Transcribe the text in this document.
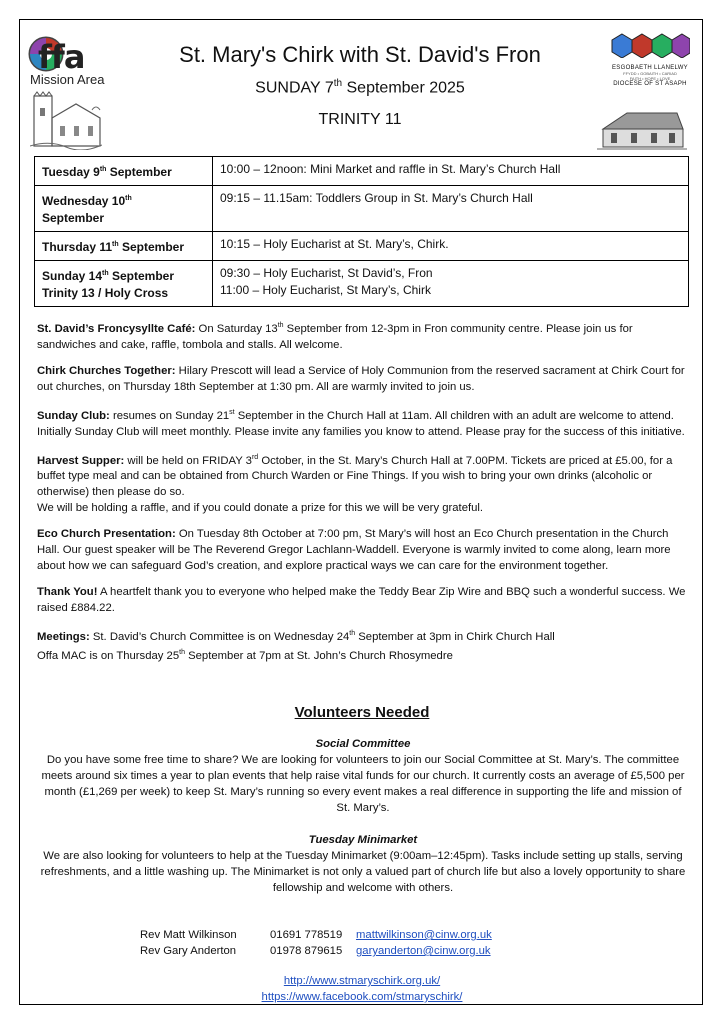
ffa
Mission Area
St. Mary's Chirk with St. David's Fron
SUNDAY 7th September 2025
TRINITY 11
ESGOBAETH LLANELWY
FFYDD • GOBAITH • CARIAD
FAITH • HOPE • LOVE
DIOCESE OF ST ASAPH
Tuesday 9th September	10:00 – 12noon: Mini Market and raffle in St. Mary’s Church Hall
Wednesday 10th
September	09:15 – 11.15am: Toddlers Group in St. Mary’s Church Hall
Thursday 11th September	10:15 – Holy Eucharist at St. Mary’s, Chirk.
Sunday 14th September
Trinity 13 / Holy Cross	09:30 – Holy Eucharist, St David’s, Fron
11:00 – Holy Eucharist, St Mary’s, Chirk

St. David’s Froncysyllte Café: On Saturday 13th September from 12-3pm in Fron community centre. Please join us for sandwiches and cake, raffle, tombola and stalls. All welcome.

Chirk Churches Together: Hilary Prescott will lead a Service of Holy Communion from the reserved sacrament at Chirk Court for out churches, on Thursday 18th September at 1:30 pm. All are warmly invited to join us.

Sunday Club: resumes on Sunday 21st September in the Church Hall at 11am. All children with an adult are welcome to attend. Initially Sunday Club will meet monthly. Please invite any families you know to attend. Please pray for the success of this initiative.

Harvest Supper: will be held on FRIDAY 3rd October, in the St. Mary’s Church Hall at 7.00PM. Tickets are priced at £5.00, for a buffet type meal and can be obtained from Church Warden or Fine Things. If you wish to bring your own drinks (alcoholic or otherwise) then please do so.
We will be holding a raffle, and if you could donate a prize for this we will be very grateful.

Eco Church Presentation: On Tuesday 8th October at 7:00 pm, St Mary’s will host an Eco Church presentation in the Church Hall. Our guest speaker will be The Reverend Gregor Lachlann-Waddell. Everyone is warmly invited to come along, learn more about how we can safeguard God’s creation, and explore practical ways we can care for the environment together.

Thank You! A heartfelt thank you to everyone who helped make the Teddy Bear Zip Wire and BBQ such a wonderful success. We raised £884.22.

Meetings: St. David’s Church Committee is on Wednesday 24th September at 3pm in Chirk Church Hall
Offa MAC is on Thursday 25th September at 7pm at St. John’s Church Rhosymedre

Volunteers Needed
Social Committee
Do you have some free time to share? We are looking for volunteers to join our Social Committee at St. Mary’s. The committee meets around six times a year to plan events that help raise vital funds for our church. It currently costs an average of £5,500 per month (£1,269 per week) to keep St. Mary’s running so every event makes a real difference in supporting the life and mission of St. Mary’s.
Tuesday Minimarket
We are also looking for volunteers to help at the Tuesday Minimarket (9:00am–12:45pm). Tasks include setting up stalls, serving refreshments, and a little washing up. The Minimarket is not only a valued part of church life but also a lovely opportunity to share fellowship and welcome with others.
Rev Matt Wilkinson	01691 778519	mattwilkinson@cinw.org.uk
Rev Gary Anderton	01978 879615	garyanderton@cinw.org.uk
http://www.stmaryschirk.org.uk/
https://www.facebook.com/stmaryschirk/
